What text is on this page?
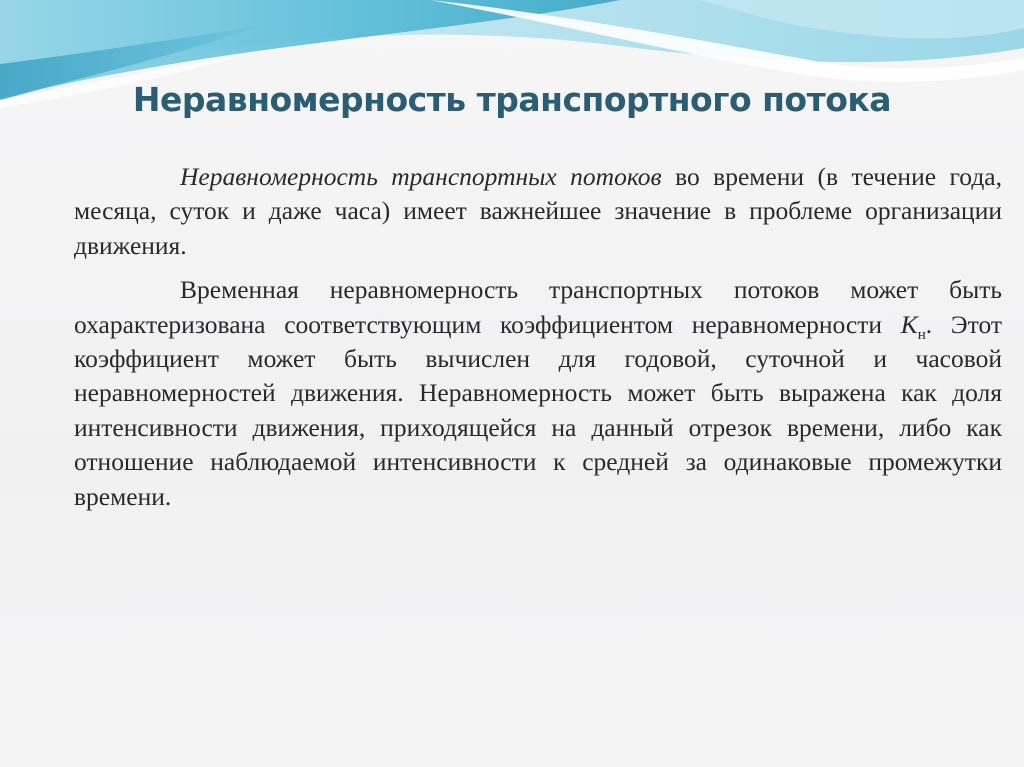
Неравномерность транспортного потока

Неравномерность транспортных потоков во времени (в течение года, месяца, суток и даже часа) имеет важнейшее значение в проблеме организации движения.

Временная неравномерность транспортных потоков может быть охарактеризована соответствующим коэффициентом неравномерности $К_н$. Этот коэффициент может быть вычислен для годовой, суточной и часовой неравномерностей движения. Неравномерность может быть выражена как доля интенсивности движения, приходящейся на данный отрезок времени, либо как отношение наблюдаемой интенсивности к средней за одинаковые промежутки времени.
